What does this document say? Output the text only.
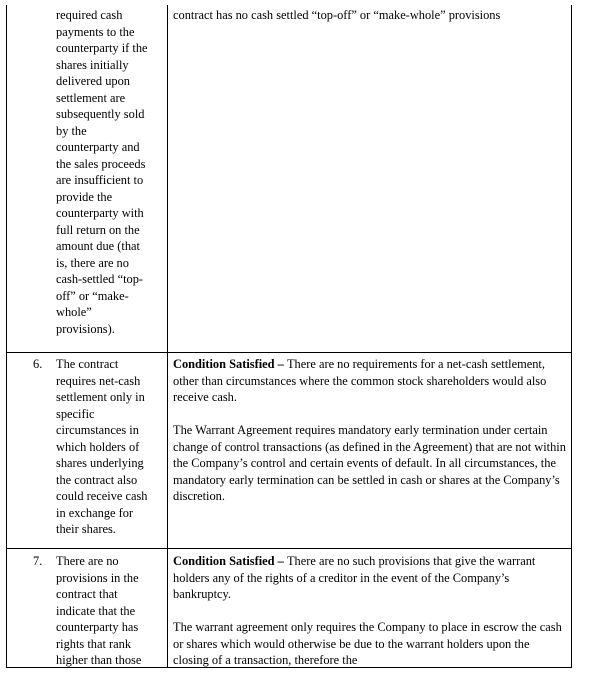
required cash
payments to the
counterparty if the
shares initially
delivered upon
settlement are
subsequently sold
by the
counterparty and
the sales proceeds
are insufficient to
provide the
counterparty with
full return on the
amount due (that
is, there are no
cash-settled “top-
off” or “make-
whole”
provisions).

contract has no cash settled “top-off” or “make-whole” provisions

6.	The contract
requires net-cash
settlement only in
specific
circumstances in
which holders of
shares underlying
the contract also
could receive cash
in exchange for
their shares.

Condition Satisfied – There are no requirements for a net-cash settlement, other than circumstances where the common stock shareholders would also receive cash.

The Warrant Agreement requires mandatory early termination under certain change of control transactions (as defined in the Agreement) that are not within the Company’s control and certain events of default. In all circumstances, the mandatory early termination can be settled in cash or shares at the Company’s discretion.

7.	There are no
provisions in the
contract that
indicate that the
counterparty has
rights that rank
higher than those

Condition Satisfied – There are no such provisions that give the warrant holders any of the rights of a creditor in the event of the Company’s bankruptcy.

The warrant agreement only requires the Company to place in escrow the cash or shares which would otherwise be due to the warrant holders upon the closing of a transaction, therefore the
